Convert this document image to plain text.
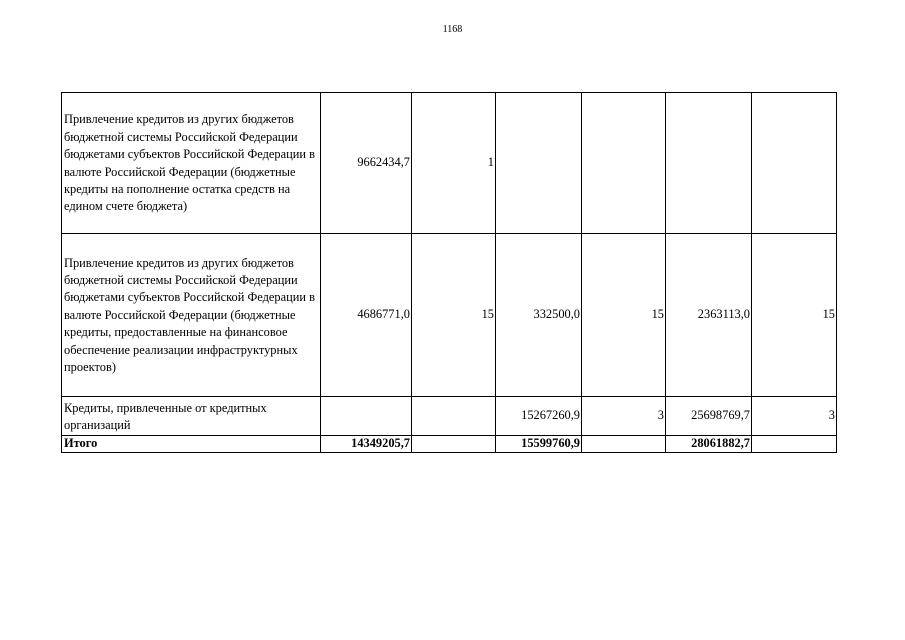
1168
Привлечение кредитов из других бюджетов бюджетной системы Российской Федерации бюджетами субъектов Российской Федерации в валюте Российской Федерации (бюджетные кредиты на пополнение остатка средств на едином счете бюджета)	9662434,7	1				
Привлечение кредитов из других бюджетов бюджетной системы Российской Федерации бюджетами субъектов Российской Федерации в валюте Российской Федерации (бюджетные кредиты, предоставленные на финансовое обеспечение реализации инфраструктурных проектов)	4686771,0	15	332500,0	15	2363113,0	15
Кредиты, привлеченные от кредитных организаций			15267260,9	3	25698769,7	3
Итого	14349205,7		15599760,9		28061882,7	
